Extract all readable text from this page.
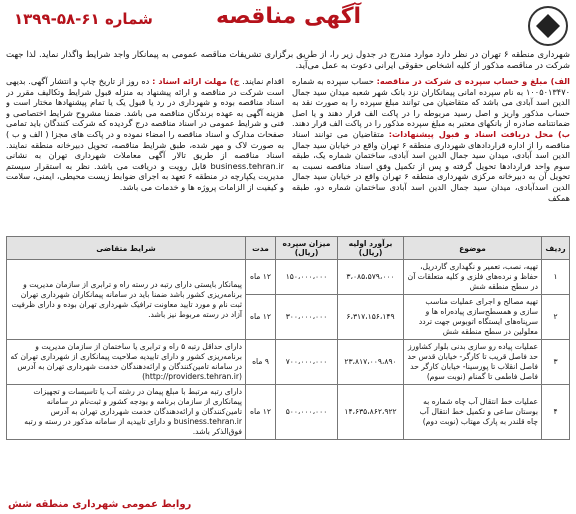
آگهی مناقصه
شماره ۶۱-۵۸-۱۳۹۹

شهرداری منطقه ۶ تهران در نظر دارد موارد مندرج در جدول زیر را، از طریق برگزاری تشریفات مناقصه عمومی به پیمانکار واجد شرایط واگذار نماید. لذا جهت شرکت در مناقصه مذکور از کلیه اشخاص حقوقی ایرانی دعوت به عمل می‌آید.

الف) مبلغ و حساب سپرده ی شرکت در مناقصه: حساب سپرده به شماره ۱۰۰۵۰۱۳۴۷۰ به نام سپرده امانی پیمانکاران نزد بانک شهر شعبه میدان سید جمال الدین اسد آبادی می باشد که متقاضیان می توانند مبلغ سپرده را به صورت نقد به حساب مذکور واریز و اصل رسید مربوطه را در پاکت الف قرار دهند و یا اصل ضمانتنامه صادره از بانکهای معتبر به مبلغ سپرده مذکور را در پاکت الف قرار دهند. ب) محل دریافت اسناد و قبول پیشنهادات: متقاضیان می توانند اسناد مناقصه را از اداره قراردادهای شهرداری منطقه ۶ تهران واقع در خیابان سید جمال الدین اسد آبادی، میدان سید جمال الدین اسد آبادی، ساختمان شماره یک، طبقه سوم واحد قراردادها تحویل گرفته و پس از تکمیل وفق اسناد مناقصه نسبت به تحویل آن به دبیرخانه مرکزی شهرداری منطقه ۶ تهران واقع در خیابان سید جمال الدین اسدآبادی، میدان سید جمال الدین اسد آبادی ساختمان شماره دو، طبقه همکف
اقدام نمایند. ج) مهلت ارائه اسناد : ده روز از تاریخ چاپ و انتشار آگهی. بدیهی است شرکت در مناقصه و ارائه پیشنهاد به منزله قبول شرایط وتکالیف مقرر در اسناد مناقصه بوده و شهرداری در رد یا قبول یک یا تمام پیشنهادها مختار است و هزینه آگهی به عهده برندگان مناقصه می باشد. ضمنا مشروح شرایط اختصاصی و فنی و شرایط عمومی در اسناد مناقصه درج گردیده که شرکت کنندگان باید تمامی صفحات مدارک و اسناد مناقصه را امضاء نموده و در پاکت های مجزا ( الف و ب ) به صورت لاک و مهر شده، طبق شرایط مناقصه، تحویل دبیرخانه منطقه نمایند. اسناد مناقصه از طریق تالار آگهی معاملات شهرداری تهران به نشانی business.tehran.ir قابل رویت و دریافت می باشد. نظر به استقرار سیستم مدیریت یکپارچه در منطقه ۶ تعهد به اجرای ضوابط زیست محیطی، ایمنی، سلامت و کیفیت از الزامات پروژه ها و خدمات می باشد.
ردیف	موضوع	برآورد اولیه (ریال)	میزان سپرده (ریال)	مدت	شرایط متقاضی
۱	تهیه، نصب، تعمیر و نگهداری گاردریل، حفاظ و نرده‌های فلزی و کلیه متعلقات آن در سطح منطقه شش	۳،۰۸۵،۵۷۹،۰۰۰	۱۵۰،۰۰۰،۰۰۰	۱۲ ماه	پیمانکار بایستی دارای رتبه در رسته راه و ترابری از سازمان مدیریت و برنامه‌ریزی کشور باشد ضمنا باید در سامانه پیمانکاران شهرداری تهران ثبت نام و مورد تایید معاونت ترافیک شهرداری تهران بوده و دارای ظرفیت آزاد در رسته مربوط نیز باشد.
۲	تهیه مصالح و اجرای عملیات مناسب سازی و همسطح‌سازی پیاده‌راه ها و سرپناه‌های ایستگاه اتوبوس جهت تردد معلولین در سطح منطقه شش	۶،۳۱۷،۱۵۶،۱۴۹	۳۰۰،۰۰۰،۰۰۰	۱۲ ماه	
۳	عملیات پیاده رو سازی بدنی بلوار کشاورز حد فاصل قریب تا کارگر- خیابان قدس حد فاصل انقلاب تا پورسینا- خیابان کارگر حد فاصل فاطمی تا گمنام (نوبت سوم)	۲۳،۸۱۷،۰۰۹،۸۹۰	۷۰۰،۰۰۰،۰۰۰	۹ ماه	دارای حداقل رتبه ۵ راه و ترابری یا ساختمان از سازمان مدیریت و برنامه‌ریزی کشور و دارای تاییدیه صلاحیت پیمانکاری از شهرداری تهران که در سامانه تامین‌کنندگان و ارائه‌دهندگان خدمت شهرداری تهران به آدرس (http://providers.tehran.ir)
۴	عملیات خط انتقال آب چاه شماره به بوستان ساعی و تکمیل خط انتقال آب چاه قلندر به پارک مهتاب (نوبت دوم)	۱۴،۶۳۵،۸۶۲،۹۲۲	۵۰۰،۰۰۰،۰۰۰	۱۲ ماه	دارای رتبه مرتبط با مبلغ پیمان در رشته آب یا تاسیسات و تجهیزات پیمانکاری از سازمان برنامه و بودجه کشور و ثبت‌نام در سامانه تامین‌کنندگان و ارائه‌دهندگان خدمت شهرداری تهران به آدرس business.tehran.ir و دارای تاییدیه از سامانه مذکور در رسته و رتبه فوق‌الذکر باشد.
روابط عمومی شهرداری منطقه شش
